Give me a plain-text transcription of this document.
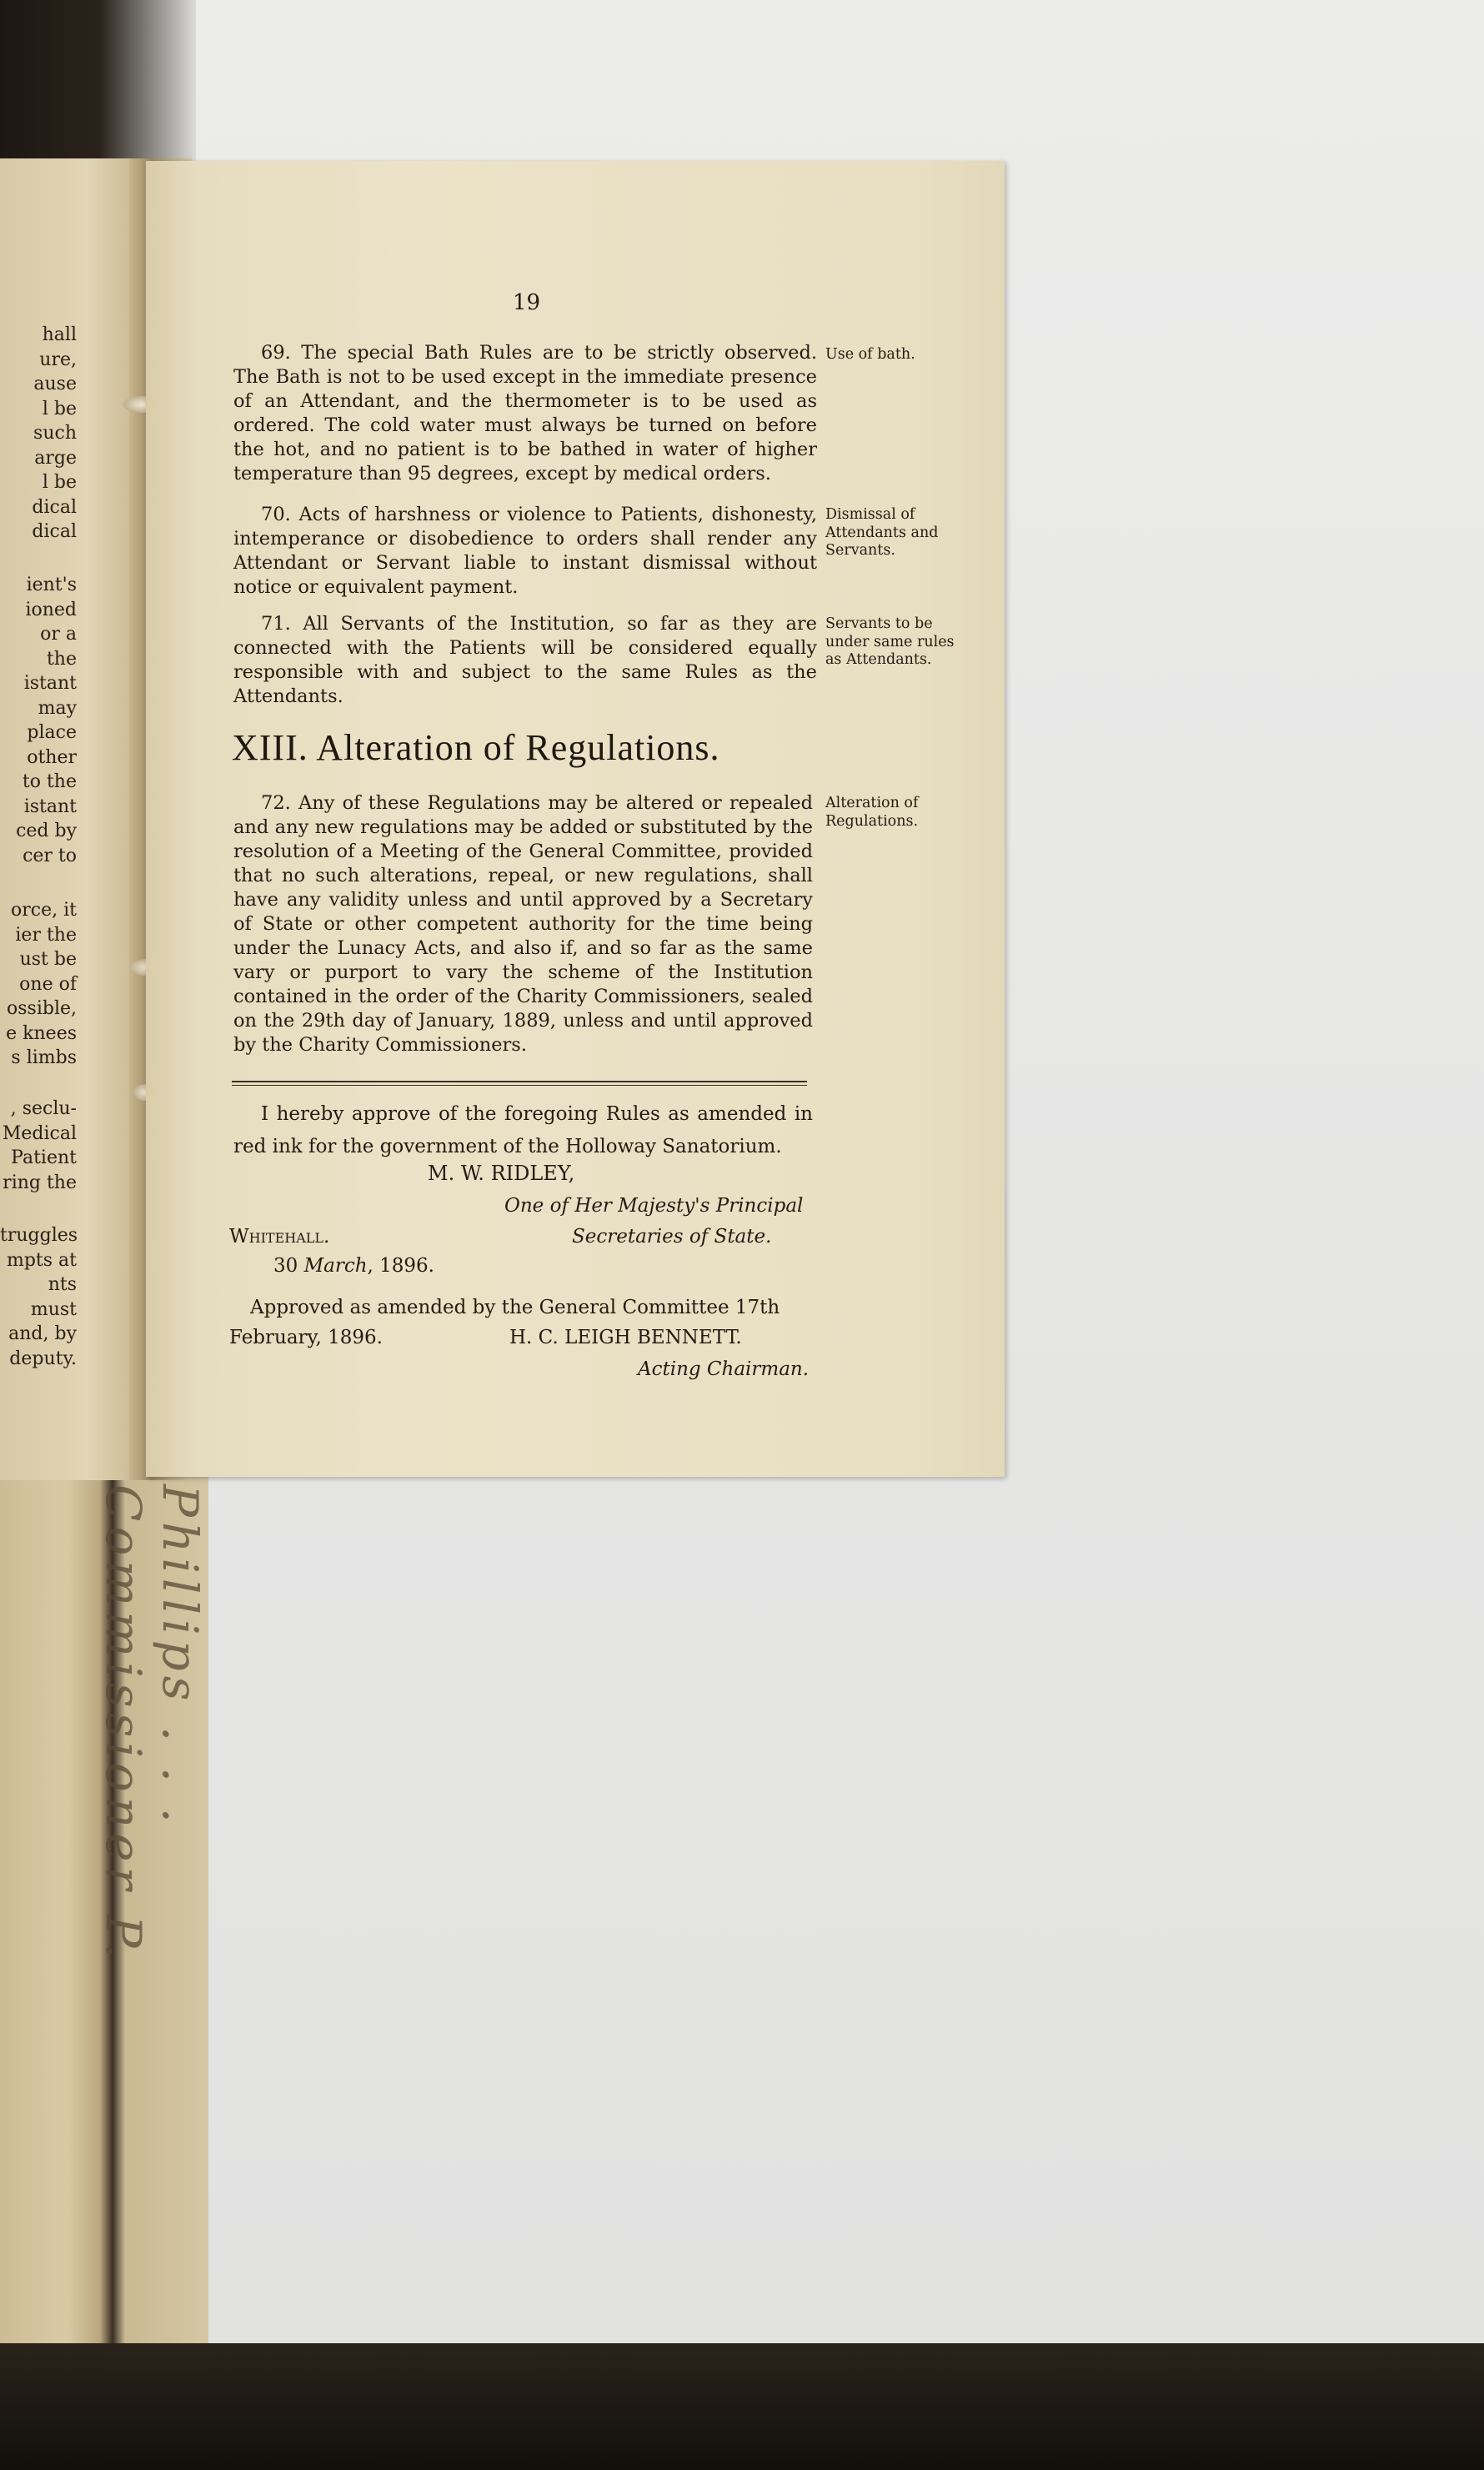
Phillips . . . Commissioner P.
hall
ure,
ause
l be
such
arge
l be
dical
dical
ient's
ioned
or a
the
istant
may
place
other
to the
istant
ced by
cer to
orce, it
ier the
ust be
one of
ossible,
e knees
s limbs
, seclu-
Medical
Patient
ring the
truggles
mpts at
nts must
and, by
deputy.
19

69. The special Bath Rules are to be strictly observed. The Bath is not to be used except in the immediate presence of an Attendant, and the thermometer is to be used as ordered. The cold water must always be turned on before the hot, and no patient is to be bathed in water of higher temperature than 95 degrees, except by medical orders.

Use of bath.

70. Acts of harshness or violence to Patients, dishonesty, intemperance or disobedience to orders shall render any Attendant or Servant liable to instant dismissal without notice or equivalent payment.

Dismissal of Attendants and Servants.

71. All Servants of the Institution, so far as they are connected with the Patients will be considered equally responsible with and subject to the same Rules as the Attendants.

Servants to be under same rules as Attendants.
XIII. Alteration of Regulations.

72. Any of these Regulations may be altered or repealed and any new regulations may be added or substituted by the resolution of a Meeting of the General Committee, provided that no such alterations, repeal, or new regulations, shall have any validity unless and until approved by a Secretary of State or other competent authority for the time being under the Lunacy Acts, and also if, and so far as the same vary or purport to vary the scheme of the Institution contained in the order of the Charity Commissioners, sealed on the 29th day of January, 1889, unless and until approved by the Charity Commissioners.

Alteration of Regulations.

I hereby approve of the foregoing Rules as amended in red ink for the government of the Holloway Sanatorium.

M. W. RIDLEY,
One of Her Majesty's Principal
Whitehall.	Secretaries of State.
30 March, 1896.
Approved as amended by the General Committee 17th
February, 1896.	H. C. LEIGH BENNETT.
Acting Chairman.
